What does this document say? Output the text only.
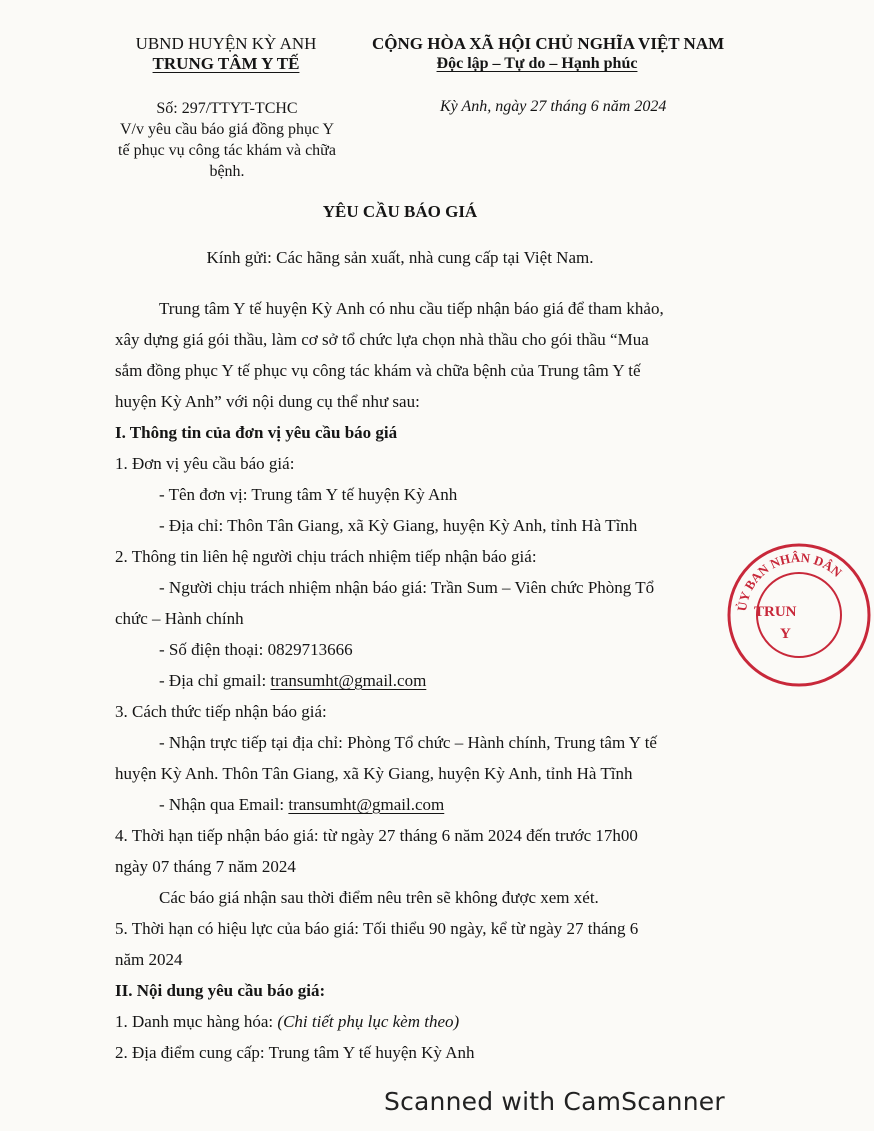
UBND HUYỆN KỲ ANH
TRUNG TÂM Y TẾ
CỘNG HÒA XÃ HỘI CHỦ NGHĨA VIỆT NAM
Độc lập – Tự do – Hạnh phúc
Số: 297/TTYT-TCHC
V/v yêu cầu báo giá đồng phục Y
tế phục vụ công tác khám và chữa
bệnh.
Kỳ Anh, ngày 27 tháng 6 năm 2024
YÊU CẦU BÁO GIÁ
Kính gửi: Các hãng sản xuất, nhà cung cấp tại Việt Nam.
Trung tâm Y tế huyện Kỳ Anh có nhu cầu tiếp nhận báo giá để tham khảo,
xây dựng giá gói thầu, làm cơ sở tổ chức lựa chọn nhà thầu cho gói thầu “Mua
sắm đồng phục Y tế phục vụ công tác khám và chữa bệnh của Trung tâm Y tế
huyện Kỳ Anh” với nội dung cụ thể như sau:
I. Thông tin của đơn vị yêu cầu báo giá
1. Đơn vị yêu cầu báo giá:
- Tên đơn vị: Trung tâm Y tế huyện Kỳ Anh
- Địa chỉ: Thôn Tân Giang, xã Kỳ Giang, huyện Kỳ Anh, tỉnh Hà Tĩnh
2. Thông tin liên hệ người chịu trách nhiệm tiếp nhận báo giá:
- Người chịu trách nhiệm nhận báo giá: Trần Sum – Viên chức Phòng Tổ
chức – Hành chính
- Số điện thoại: 0829713666
- Địa chỉ gmail: transumht@gmail.com
3. Cách thức tiếp nhận báo giá:
- Nhận trực tiếp tại địa chỉ: Phòng Tổ chức – Hành chính, Trung tâm Y tế
huyện Kỳ Anh. Thôn Tân Giang, xã Kỳ Giang, huyện Kỳ Anh, tỉnh Hà Tĩnh
- Nhận qua Email: transumht@gmail.com
4. Thời hạn tiếp nhận báo giá: từ ngày 27 tháng 6 năm 2024 đến trước 17h00
ngày 07 tháng 7 năm 2024
Các báo giá nhận sau thời điểm nêu trên sẽ không được xem xét.
5. Thời hạn có hiệu lực của báo giá: Tối thiểu 90 ngày, kể từ ngày 27 tháng 6
năm 2024
II. Nội dung yêu cầu báo giá:
1. Danh mục hàng hóa: (Chi tiết phụ lục kèm theo)
2. Địa điểm cung cấp: Trung tâm Y tế huyện Kỳ Anh
ỦY BAN NHÂN DÂN
TRUN
Y
Scanned with CamScanner
